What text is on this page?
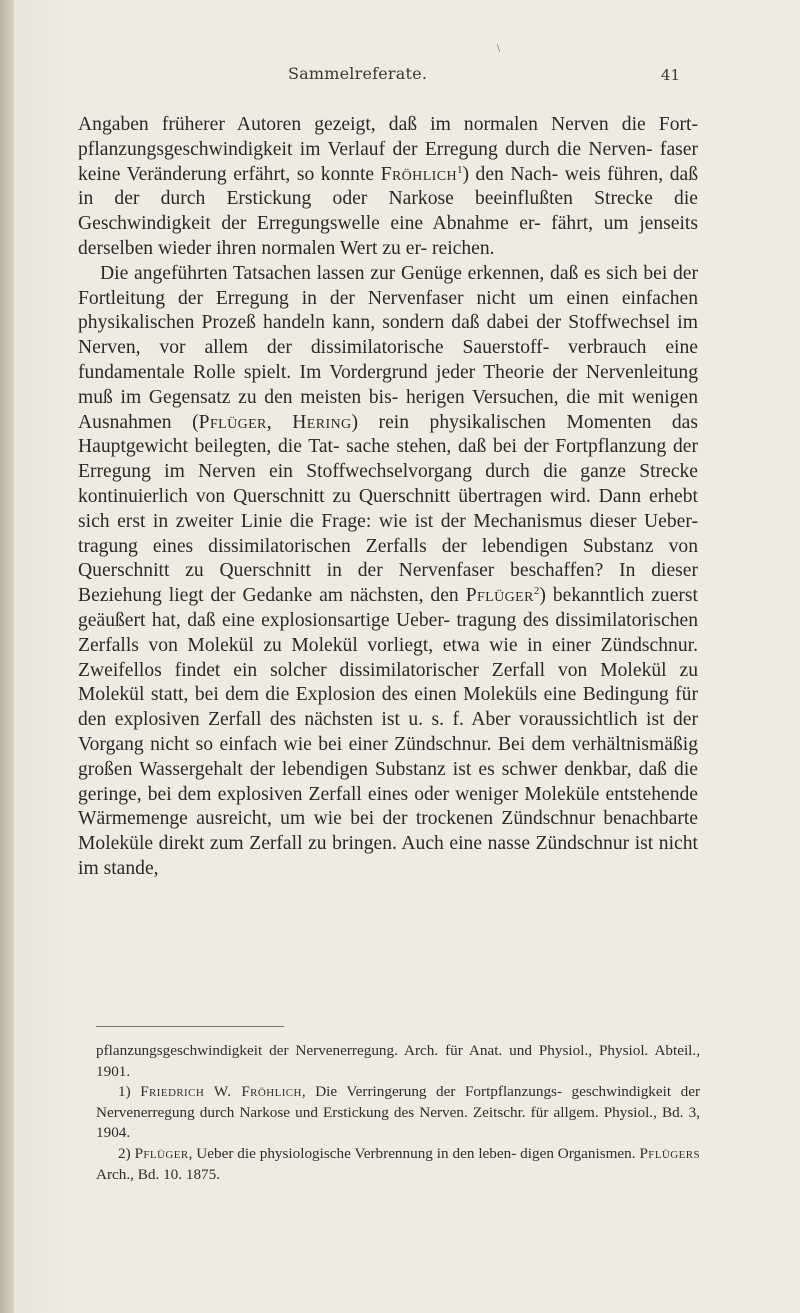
\
Sammelreferate.	41

Angaben früherer Autoren gezeigt, daß im normalen Nerven die Fort- pflanzungsgeschwindigkeit im Verlauf der Erregung durch die Nerven- faser keine Veränderung erfährt, so konnte Fröhlich$^1$) den Nach- weis führen, daß in der durch Erstickung oder Narkose beeinflußten Strecke die Geschwindigkeit der Erregungswelle eine Abnahme er- fährt, um jenseits derselben wieder ihren normalen Wert zu er- reichen.

Die angeführten Tatsachen lassen zur Genüge erkennen, daß es sich bei der Fortleitung der Erregung in der Nervenfaser nicht um einen einfachen physikalischen Prozeß handeln kann, sondern daß dabei der Stoffwechsel im Nerven, vor allem der dissimilatorische Sauerstoff- verbrauch eine fundamentale Rolle spielt. Im Vordergrund jeder Theorie der Nervenleitung muß im Gegensatz zu den meisten bis- herigen Versuchen, die mit wenigen Ausnahmen (Pflüger, Hering) rein physikalischen Momenten das Hauptgewicht beilegten, die Tat- sache stehen, daß bei der Fortpflanzung der Erregung im Nerven ein Stoffwechselvorgang durch die ganze Strecke kontinuierlich von Querschnitt zu Querschnitt übertragen wird. Dann erhebt sich erst in zweiter Linie die Frage: wie ist der Mechanismus dieser Ueber- tragung eines dissimilatorischen Zerfalls der lebendigen Substanz von Querschnitt zu Querschnitt in der Nervenfaser beschaffen? In dieser Beziehung liegt der Gedanke am nächsten, den Pflüger$^2$) bekanntlich zuerst geäußert hat, daß eine explosionsartige Ueber- tragung des dissimilatorischen Zerfalls von Molekül zu Molekül vorliegt, etwa wie in einer Zündschnur. Zweifellos findet ein solcher dissimilatorischer Zerfall von Molekül zu Molekül statt, bei dem die Explosion des einen Moleküls eine Bedingung für den explosiven Zerfall des nächsten ist u. s. f. Aber voraussichtlich ist der Vorgang nicht so einfach wie bei einer Zündschnur. Bei dem verhältnismäßig großen Wassergehalt der lebendigen Substanz ist es schwer denkbar, daß die geringe, bei dem explosiven Zerfall eines oder weniger Moleküle entstehende Wärmemenge ausreicht, um wie bei der trockenen Zündschnur benachbarte Moleküle direkt zum Zerfall zu bringen. Auch eine nasse Zündschnur ist nicht im stande,

pflanzungsgeschwindigkeit der Nervenerregung. Arch. für Anat. und Physiol., Physiol. Abteil., 1901.

1) Friedrich W. Fröhlich, Die Verringerung der Fortpflanzungs- geschwindigkeit der Nervenerregung durch Narkose und Erstickung des Nerven. Zeitschr. für allgem. Physiol., Bd. 3, 1904.

2) Pflüger, Ueber die physiologische Verbrennung in den leben- digen Organismen. Pflügers Arch., Bd. 10. 1875.
